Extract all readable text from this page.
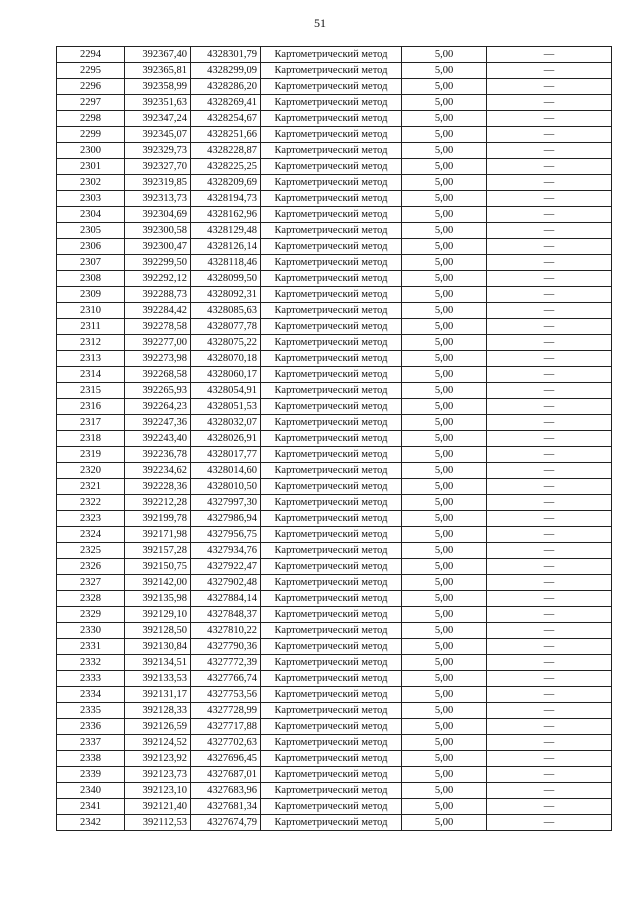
51
2294	392367,40	4328301,79	Картометрический метод	5,00	—
2295	392365,81	4328299,09	Картометрический метод	5,00	—
2296	392358,99	4328286,20	Картометрический метод	5,00	—
2297	392351,63	4328269,41	Картометрический метод	5,00	—
2298	392347,24	4328254,67	Картометрический метод	5,00	—
2299	392345,07	4328251,66	Картометрический метод	5,00	—
2300	392329,73	4328228,87	Картометрический метод	5,00	—
2301	392327,70	4328225,25	Картометрический метод	5,00	—
2302	392319,85	4328209,69	Картометрический метод	5,00	—
2303	392313,73	4328194,73	Картометрический метод	5,00	—
2304	392304,69	4328162,96	Картометрический метод	5,00	—
2305	392300,58	4328129,48	Картометрический метод	5,00	—
2306	392300,47	4328126,14	Картометрический метод	5,00	—
2307	392299,50	4328118,46	Картометрический метод	5,00	—
2308	392292,12	4328099,50	Картометрический метод	5,00	—
2309	392288,73	4328092,31	Картометрический метод	5,00	—
2310	392284,42	4328085,63	Картометрический метод	5,00	—
2311	392278,58	4328077,78	Картометрический метод	5,00	—
2312	392277,00	4328075,22	Картометрический метод	5,00	—
2313	392273,98	4328070,18	Картометрический метод	5,00	—
2314	392268,58	4328060,17	Картометрический метод	5,00	—
2315	392265,93	4328054,91	Картометрический метод	5,00	—
2316	392264,23	4328051,53	Картометрический метод	5,00	—
2317	392247,36	4328032,07	Картометрический метод	5,00	—
2318	392243,40	4328026,91	Картометрический метод	5,00	—
2319	392236,78	4328017,77	Картометрический метод	5,00	—
2320	392234,62	4328014,60	Картометрический метод	5,00	—
2321	392228,36	4328010,50	Картометрический метод	5,00	—
2322	392212,28	4327997,30	Картометрический метод	5,00	—
2323	392199,78	4327986,94	Картометрический метод	5,00	—
2324	392171,98	4327956,75	Картометрический метод	5,00	—
2325	392157,28	4327934,76	Картометрический метод	5,00	—
2326	392150,75	4327922,47	Картометрический метод	5,00	—
2327	392142,00	4327902,48	Картометрический метод	5,00	—
2328	392135,98	4327884,14	Картометрический метод	5,00	—
2329	392129,10	4327848,37	Картометрический метод	5,00	—
2330	392128,50	4327810,22	Картометрический метод	5,00	—
2331	392130,84	4327790,36	Картометрический метод	5,00	—
2332	392134,51	4327772,39	Картометрический метод	5,00	—
2333	392133,53	4327766,74	Картометрический метод	5,00	—
2334	392131,17	4327753,56	Картометрический метод	5,00	—
2335	392128,33	4327728,99	Картометрический метод	5,00	—
2336	392126,59	4327717,88	Картометрический метод	5,00	—
2337	392124,52	4327702,63	Картометрический метод	5,00	—
2338	392123,92	4327696,45	Картометрический метод	5,00	—
2339	392123,73	4327687,01	Картометрический метод	5,00	—
2340	392123,10	4327683,96	Картометрический метод	5,00	—
2341	392121,40	4327681,34	Картометрический метод	5,00	—
2342	392112,53	4327674,79	Картометрический метод	5,00	—
